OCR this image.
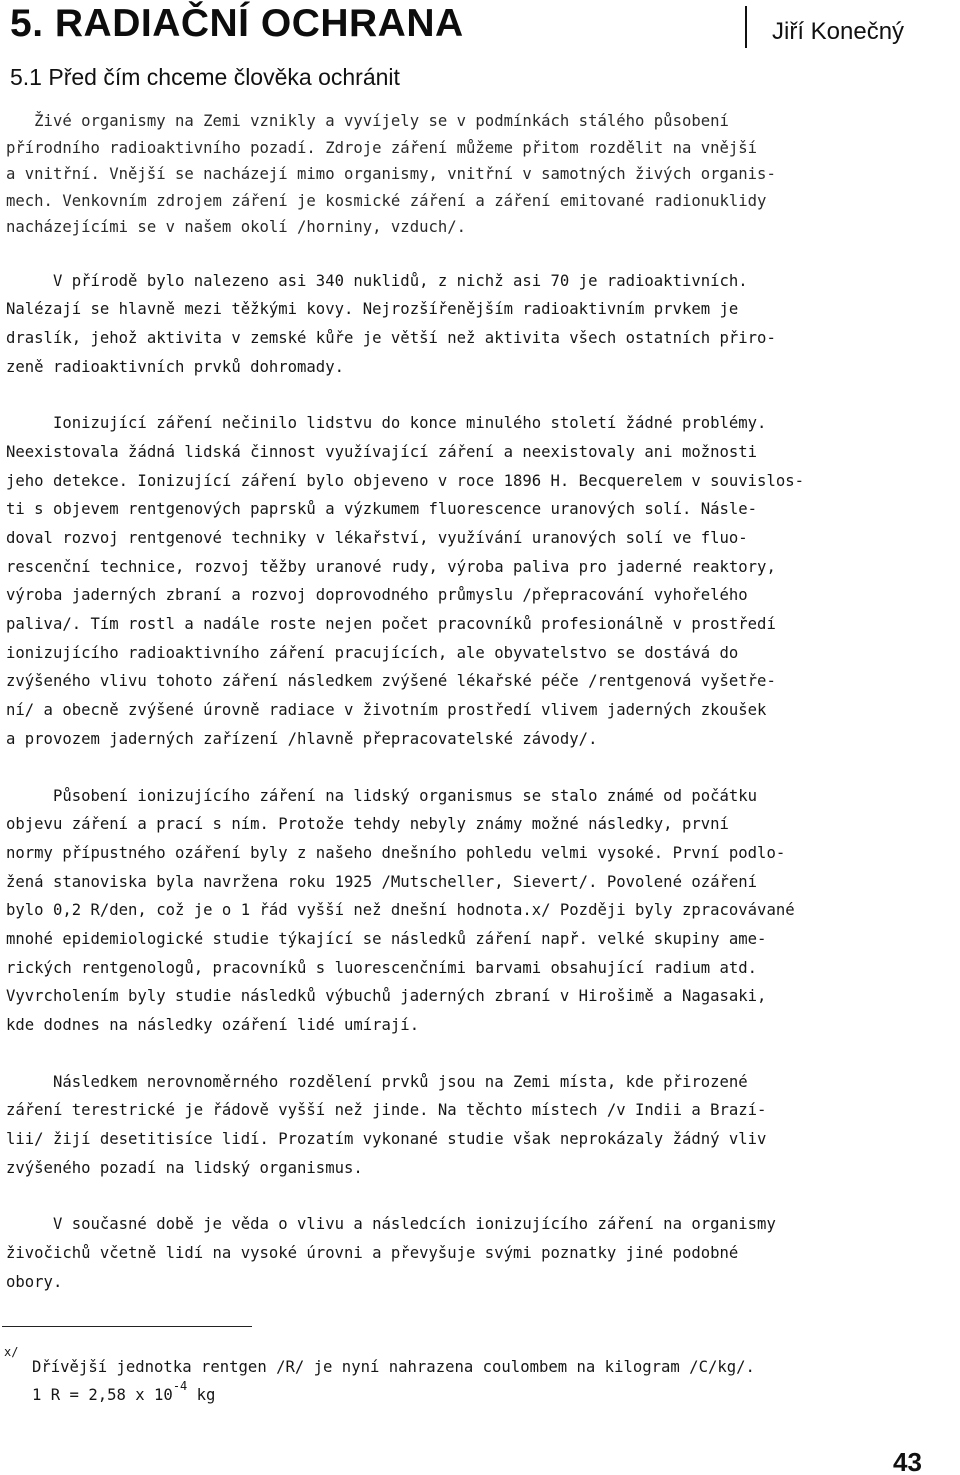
5. RADIAČNÍ OCHRANA	Jiří Konečný
5.1 Před čím chceme člověka ochránit
Živé organismy na Zemi vznikly a vyvíjely se v podmínkách stálého působení
přírodního radioaktivního pozadí. Zdroje záření můžeme přitom rozdělit na vnější
a vnitřní. Vnější se nacházejí mimo organismy, vnitřní v samotných živých organis-
mech. Venkovním zdrojem záření je kosmické záření a záření emitované radionuklidy
nacházejícími se v našem okolí /horniny, vzduch/.
V přírodě bylo nalezeno asi 340 nuklidů, z nichž asi 70 je radioaktivních.
Nalézají se hlavně mezi těžkými kovy. Nejrozšířenějším radioaktivním prvkem je
draslík, jehož aktivita v zemské kůře je větší než aktivita všech ostatních přiro-
zeně radioaktivních prvků dohromady.
Ionizující záření nečinilo lidstvu do konce minulého století žádné problémy.
Neexistovala žádná lidská činnost využívající záření a neexistovaly ani možnosti
jeho detekce. Ionizující záření bylo objeveno v roce 1896 H. Becquerelem v souvislos-
ti s objevem rentgenových paprsků a výzkumem fluorescence uranových solí. Násle-
doval rozvoj rentgenové techniky v lékařství, využívání uranových solí ve fluo-
rescenční technice, rozvoj těžby uranové rudy, výroba paliva pro jaderné reaktory,
výroba jaderných zbraní a rozvoj doprovodného průmyslu /přepracování vyhořelého
paliva/. Tím rostl a nadále roste nejen počet pracovníků profesionálně v prostředí
ionizujícího radioaktivního záření pracujících, ale obyvatelstvo se dostává do
zvýšeného vlivu tohoto záření následkem zvýšené lékařské péče /rentgenová vyšetře-
ní/ a obecně zvýšené úrovně radiace v životním prostředí vlivem jaderných zkoušek
a provozem jaderných zařízení /hlavně přepracovatelské závody/.
Působení ionizujícího záření na lidský organismus se stalo známé od počátku
objevu záření a prací s ním. Protože tehdy nebyly známy možné následky, první
normy přípustného ozáření byly z našeho dnešního pohledu velmi vysoké. První podlo-
žená stanoviska byla navržena roku 1925 /Mutscheller, Sievert/. Povolené ozáření
bylo 0,2 R/den, což je o 1 řád vyšší než dnešní hodnota.x/ Později byly zpracovávané
mnohé epidemiologické studie týkající se následků záření např. velké skupiny ame-
rických rentgenologů, pracovníků s luorescenčními barvami obsahující radium atd.
Vyvrcholením byly studie následků výbuchů jaderných zbraní v Hirošimě a Nagasaki,
kde dodnes na následky ozáření lidé umírají.
Následkem nerovnoměrného rozdělení prvků jsou na Zemi místa, kde přirozené
záření terestrické je řádově vyšší než jinde. Na těchto místech /v Indii a Brazí-
lii/ žijí desetitisíce lidí. Prozatím vykonané studie však neprokázaly žádný vliv
zvýšeného pozadí na lidský organismus.
V současné době je věda o vlivu a následcích ionizujícího záření na organismy
živočichů včetně lidí na vysoké úrovni a převyšuje svými poznatky jiné podobné
obory.
x/
Dřívější jednotka rentgen /R/ je nyní nahrazena coulombem na kilogram /C/kg/.
1 R = 2,58 x $10^{-4}$ kg
43
